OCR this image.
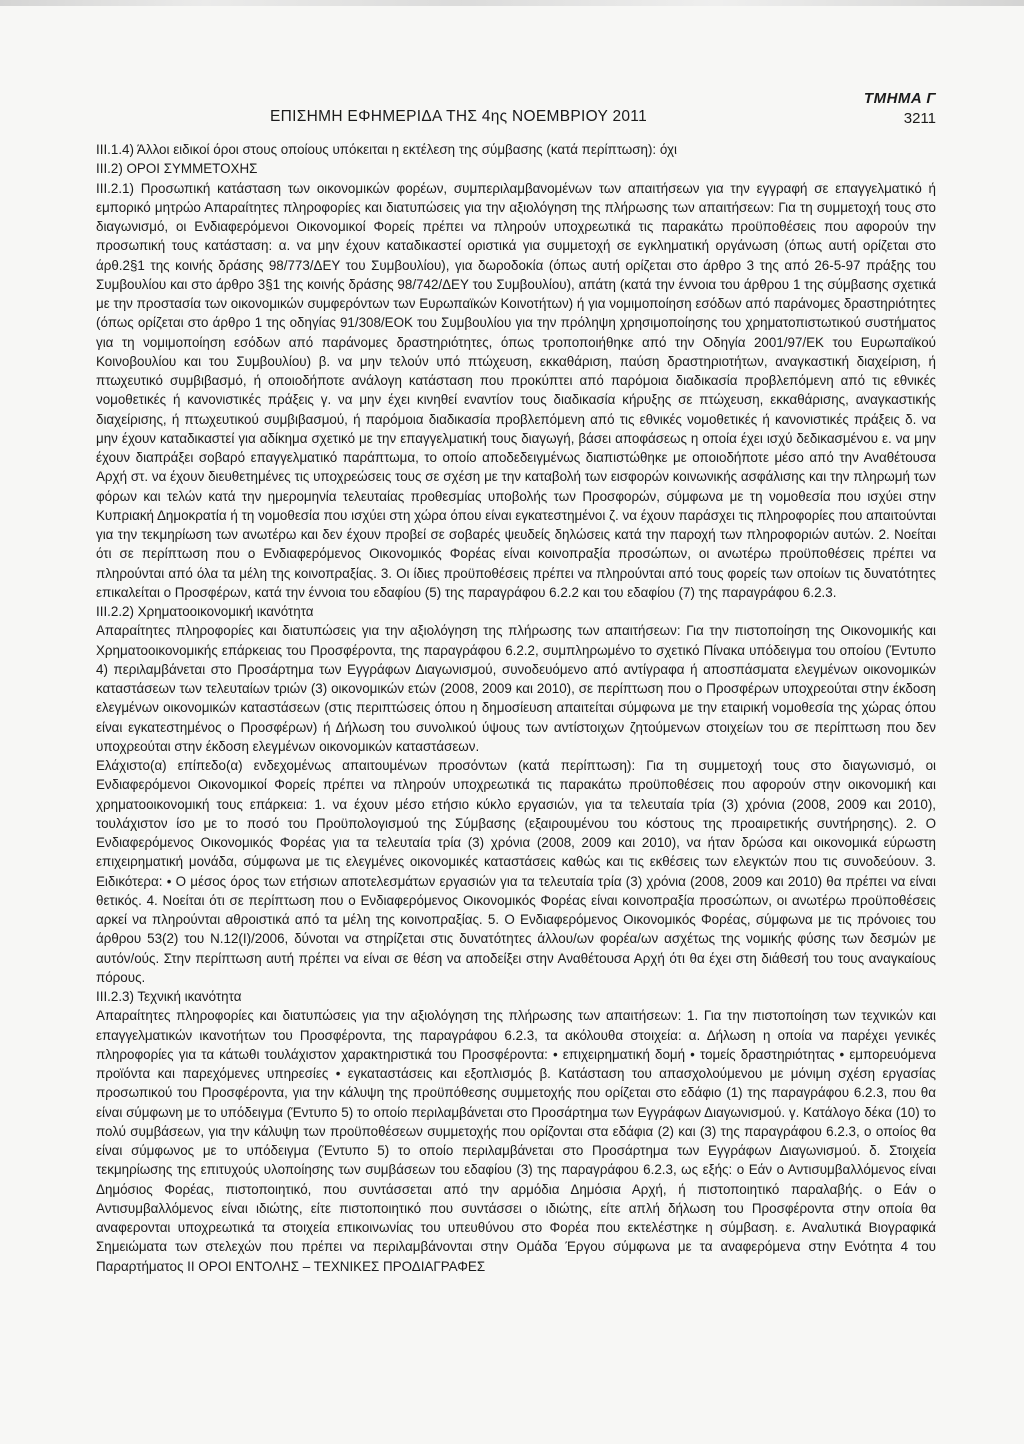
ΤΜΗΜΑ Γ
ΕΠΙΣΗΜΗ ΕΦΗΜΕΡΙΔΑ ΤΗΣ 4ης ΝΟΕΜΒΡΙΟΥ 2011	3211

ΙΙΙ.1.4) Άλλοι ειδικοί όροι στους οποίους υπόκειται η εκτέλεση της σύμβασης (κατά περίπτωση): όχι

ΙΙΙ.2) ΟΡΟΙ ΣΥΜΜΕΤΟΧΗΣ

ΙΙΙ.2.1) Προσωπική κατάσταση των οικονομικών φορέων, συμπεριλαμβανομένων των απαιτήσεων για την εγγραφή σε επαγγελματικό ή εμπορικό μητρώο Απαραίτητες πληροφορίες και διατυπώσεις για την αξιολόγηση της πλήρωσης των απαιτήσεων: Για τη συμμετοχή τους στο διαγωνισμό, οι Ενδιαφερόμενοι Οικονομικοί Φορείς πρέπει να πληρούν υποχρεωτικά τις παρακάτω προϋποθέσεις που αφορούν την προσωπική τους κατάσταση: α. να μην έχουν καταδικαστεί οριστικά για συμμετοχή σε εγκληματική οργάνωση (όπως αυτή ορίζεται στο άρθ.2§1 της κοινής δράσης 98/773/ΔΕΥ του Συμβουλίου), για δωροδοκία (όπως αυτή ορίζεται στο άρθρο 3 της από 26-5-97 πράξης του Συμβουλίου και στο άρθρο 3§1 της κοινής δράσης 98/742/ΔΕΥ του Συμβουλίου), απάτη (κατά την έννοια του άρθρου 1 της σύμβασης σχετικά με την προστασία των οικονομικών συμφερόντων των Ευρωπαϊκών Κοινοτήτων) ή για νομιμοποίηση εσόδων από παράνομες δραστηριότητες (όπως ορίζεται στο άρθρο 1 της οδηγίας 91/308/ΕΟΚ του Συμβουλίου για την πρόληψη χρησιμοποίησης του χρηματοπιστωτικού συστήματος για τη νομιμοποίηση εσόδων από παράνομες δραστηριότητες, όπως τροποποιήθηκε από την Οδηγία 2001/97/ΕΚ του Ευρωπαϊκού Κοινοβουλίου και του Συμβουλίου) β. να μην τελούν υπό πτώχευση, εκκαθάριση, παύση δραστηριοτήτων, αναγκαστική διαχείριση, ή πτωχευτικό συμβιβασμό, ή οποιοδήποτε ανάλογη κατάσταση που προκύπτει από παρόμοια διαδικασία προβλεπόμενη από τις εθνικές νομοθετικές ή κανονιστικές πράξεις γ. να μην έχει κινηθεί εναντίον τους διαδικασία κήρυξης σε πτώχευση, εκκαθάρισης, αναγκαστικής διαχείρισης, ή πτωχευτικού συμβιβασμού, ή παρόμοια διαδικασία προβλεπόμενη από τις εθνικές νομοθετικές ή κανονιστικές πράξεις δ. να μην έχουν καταδικαστεί για αδίκημα σχετικό με την επαγγελματική τους διαγωγή, βάσει αποφάσεως η οποία έχει ισχύ δεδικασμένου ε. να μην έχουν διαπράξει σοβαρό επαγγελματικό παράπτωμα, το οποίο αποδεδειγμένως διαπιστώθηκε με οποιοδήποτε μέσο από την Αναθέτουσα Αρχή στ. να έχουν διευθετημένες τις υποχρεώσεις τους σε σχέση με την καταβολή των εισφορών κοινωνικής ασφάλισης και την πληρωμή των φόρων και τελών κατά την ημερομηνία τελευταίας προθεσμίας υποβολής των Προσφορών, σύμφωνα με τη νομοθεσία που ισχύει στην Κυπριακή Δημοκρατία ή τη νομοθεσία που ισχύει στη χώρα όπου είναι εγκατεστημένοι ζ. να έχουν παράσχει τις πληροφορίες που απαιτούνται για την τεκμηρίωση των ανωτέρω και δεν έχουν προβεί σε σοβαρές ψευδείς δηλώσεις κατά την παροχή των πληροφοριών αυτών. 2. Νοείται ότι σε περίπτωση που ο Ενδιαφερόμενος Οικονομικός Φορέας είναι κοινοπραξία προσώπων, οι ανωτέρω προϋποθέσεις πρέπει να πληρούνται από όλα τα μέλη της κοινοπραξίας. 3. Οι ίδιες προϋποθέσεις πρέπει να πληρούνται από τους φορείς των οποίων τις δυνατότητες επικαλείται ο Προσφέρων, κατά την έννοια του εδαφίου (5) της παραγράφου 6.2.2 και του εδαφίου (7) της παραγράφου 6.2.3.

ΙΙΙ.2.2) Χρηματοοικονομική ικανότητα

Απαραίτητες πληροφορίες και διατυπώσεις για την αξιολόγηση της πλήρωσης των απαιτήσεων: Για την πιστοποίηση της Οικονομικής και Χρηματοοικονομικής επάρκειας του Προσφέροντα, της παραγράφου 6.2.2, συμπληρωμένο το σχετικό Πίνακα υπόδειγμα του οποίου (Έντυπο 4) περιλαμβάνεται στο Προσάρτημα των Εγγράφων Διαγωνισμού, συνοδευόμενο από αντίγραφα ή αποσπάσματα ελεγμένων οικονομικών καταστάσεων των τελευταίων τριών (3) οικονομικών ετών (2008, 2009 και 2010), σε περίπτωση που ο Προσφέρων υποχρεούται στην έκδοση ελεγμένων οικονομικών καταστάσεων (στις περιπτώσεις όπου η δημοσίευση απαιτείται σύμφωνα με την εταιρική νομοθεσία της χώρας όπου είναι εγκατεστημένος ο Προσφέρων) ή Δήλωση του συνολικού ύψους των αντίστοιχων ζητούμενων στοιχείων του σε περίπτωση που δεν υποχρεούται στην έκδοση ελεγμένων οικονομικών καταστάσεων.

Ελάχιστο(α) επίπεδο(α) ενδεχομένως απαιτουμένων προσόντων (κατά περίπτωση): Για τη συμμετοχή τους στο διαγωνισμό, οι Ενδιαφερόμενοι Οικονομικοί Φορείς πρέπει να πληρούν υποχρεωτικά τις παρακάτω προϋποθέσεις που αφορούν στην οικονομική και χρηματοοικονομική τους επάρκεια: 1. να έχουν μέσο ετήσιο κύκλο εργασιών, για τα τελευταία τρία (3) χρόνια (2008, 2009 και 2010), τουλάχιστον ίσο με το ποσό του Προϋπολογισμού της Σύμβασης (εξαιρουμένου του κόστους της προαιρετικής συντήρησης). 2. Ο Ενδιαφερόμενος Οικονομικός Φορέας για τα τελευταία τρία (3) χρόνια (2008, 2009 και 2010), να ήταν δρώσα και οικονομικά εύρωστη επιχειρηματική μονάδα, σύμφωνα με τις ελεγμένες οικονομικές καταστάσεις καθώς και τις εκθέσεις των ελεγκτών που τις συνοδεύουν. 3. Ειδικότερα: • Ο μέσος όρος των ετήσιων αποτελεσμάτων εργασιών για τα τελευταία τρία (3) χρόνια (2008, 2009 και 2010) θα πρέπει να είναι θετικός. 4. Νοείται ότι σε περίπτωση που ο Ενδιαφερόμενος Οικονομικός Φορέας είναι κοινοπραξία προσώπων, οι ανωτέρω προϋποθέσεις αρκεί να πληρούνται αθροιστικά από τα μέλη της κοινοπραξίας. 5. Ο Ενδιαφερόμενος Οικονομικός Φορέας, σύμφωνα με τις πρόνοιες του άρθρου 53(2) του Ν.12(Ι)/2006, δύνοται να στηρίζεται στις δυνατότητες άλλου/ων φορέα/ων ασχέτως της νομικής φύσης των δεσμών με αυτόν/ούς. Στην περίπτωση αυτή πρέπει να είναι σε θέση να αποδείξει στην Αναθέτουσα Αρχή ότι θα έχει στη διάθεσή του τους αναγκαίους πόρους.

ΙΙΙ.2.3) Τεχνική ικανότητα

Απαραίτητες πληροφορίες και διατυπώσεις για την αξιολόγηση της πλήρωσης των απαιτήσεων: 1. Για την πιστοποίηση των τεχνικών και επαγγελματικών ικανοτήτων του Προσφέροντα, της παραγράφου 6.2.3, τα ακόλουθα στοιχεία: α. Δήλωση η οποία να παρέχει γενικές πληροφορίες για τα κάτωθι τουλάχιστον χαρακτηριστικά του Προσφέροντα: • επιχειρηματική δομή • τομείς δραστηριότητας • εμπορευόμενα προϊόντα και παρεχόμενες υπηρεσίες • εγκαταστάσεις και εξοπλισμός β. Κατάσταση του απασχολούμενου με μόνιμη σχέση εργασίας προσωπικού του Προσφέροντα, για την κάλυψη της προϋπόθεσης συμμετοχής που ορίζεται στο εδάφιο (1) της παραγράφου 6.2.3, που θα είναι σύμφωνη με το υπόδειγμα (Έντυπο 5) το οποίο περιλαμβάνεται στο Προσάρτημα των Εγγράφων Διαγωνισμού. γ. Κατάλογο δέκα (10) το πολύ συμβάσεων, για την κάλυψη των προϋποθέσεων συμμετοχής που ορίζονται στα εδάφια (2) και (3) της παραγράφου 6.2.3, ο οποίος θα είναι σύμφωνος με το υπόδειγμα (Έντυπο 5) το οποίο περιλαμβάνεται στο Προσάρτημα των Εγγράφων Διαγωνισμού. δ. Στοιχεία τεκμηρίωσης της επιτυχούς υλοποίησης των συμβάσεων του εδαφίου (3) της παραγράφου 6.2.3, ως εξής: ο Εάν ο Αντισυμβαλλόμενος είναι Δημόσιος Φορέας, πιστοποιητικό, που συντάσσεται από την αρμόδια Δημόσια Αρχή, ή πιστοποιητικό παραλαβής. ο Εάν ο Αντισυμβαλλόμενος είναι ιδιώτης, είτε πιστοποιητικό που συντάσσει ο ιδιώτης, είτε απλή δήλωση του Προσφέροντα στην οποία θα αναφερονται υποχρεωτικά τα στοιχεία επικοινωνίας του υπευθύνου στο Φορέα που εκτελέστηκε η σύμβαση. ε. Αναλυτικά Βιογραφικά Σημειώματα των στελεχών που πρέπει να περιλαμβάνονται στην Ομάδα Έργου σύμφωνα με τα αναφερόμενα στην Ενότητα 4 του Παραρτήματος ΙΙ ΟΡΟΙ ΕΝΤΟΛΗΣ – ΤΕΧΝΙΚΕΣ ΠΡΟΔΙΑΓΡΑΦΕΣ
